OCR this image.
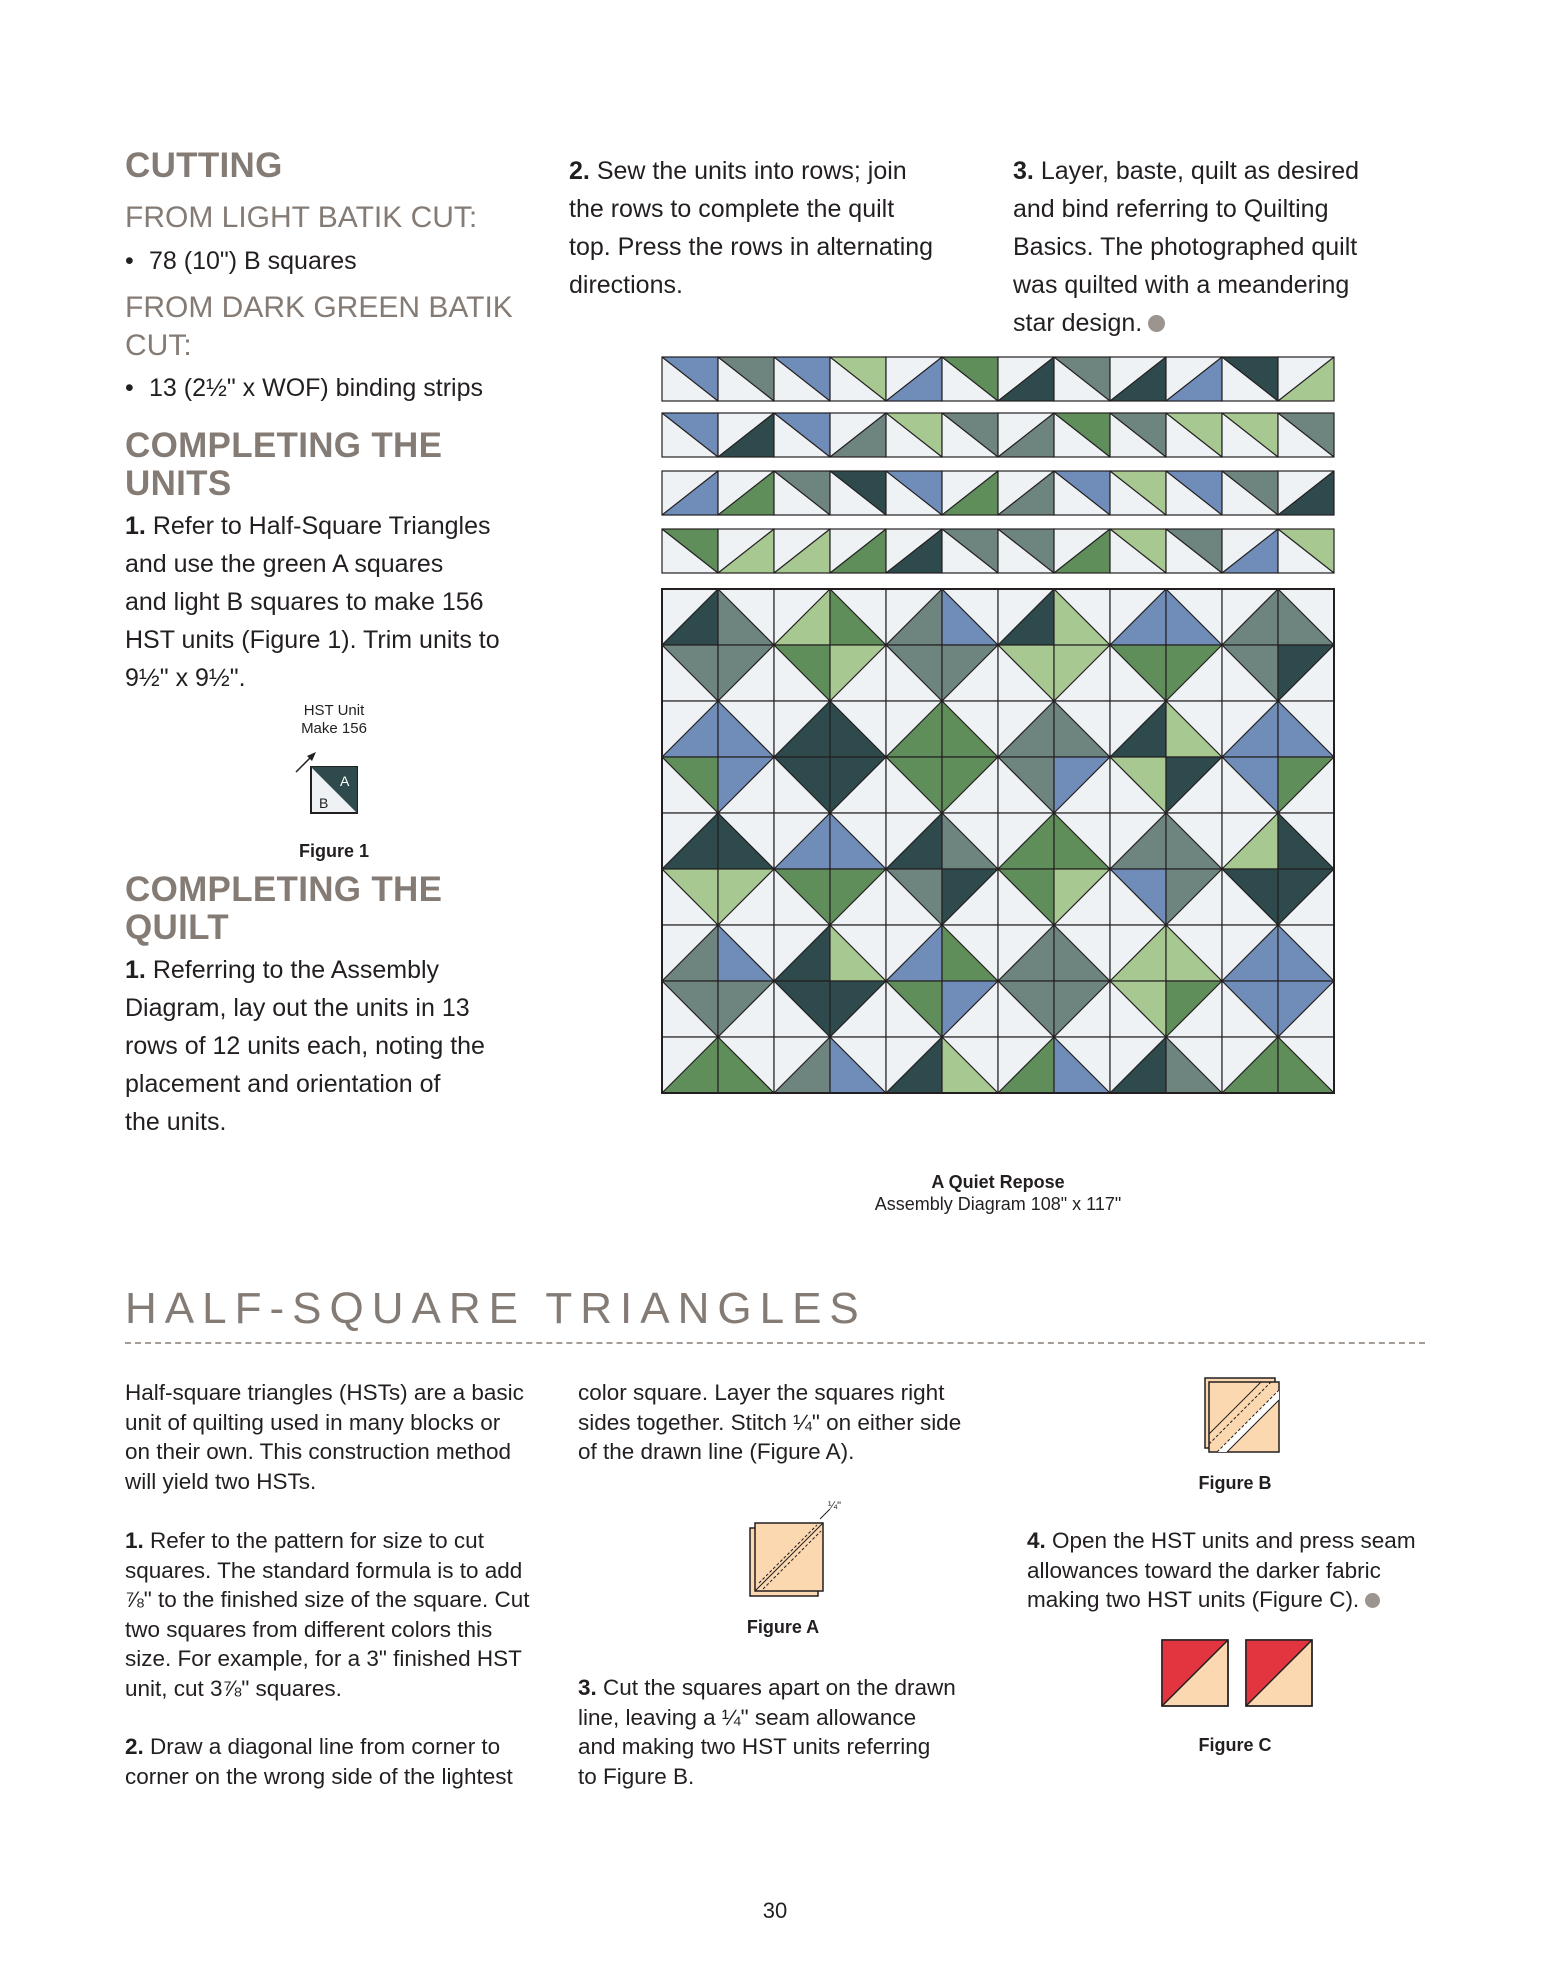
CUTTING
FROM LIGHT BATIK CUT:
• 78 (10") B squares
FROM DARK GREEN BATIK
CUT:
• 13 (2½" x WOF) binding strips
COMPLETING THE
UNITS
1. Refer to Half-Square Triangles
and use the green A squares
and light B squares to make 156
HST units (Figure 1). Trim units to
9½" x 9½".
HST Unit
Make 156
A
B
Figure 1
COMPLETING THE
QUILT
1. Referring to the Assembly
Diagram, lay out the units in 13
rows of 12 units each, noting the
placement and orientation of
the units.
2. Sew the units into rows; join
the rows to complete the quilt
top. Press the rows in alternating
directions.
3. Layer, baste, quilt as desired
and bind referring to Quilting
Basics. The photographed quilt
was quilted with a meandering
star design.
A Quiet Repose
Assembly Diagram 108" x 117"
HALF-SQUARE TRIANGLES
Half-square triangles (HSTs) are a basic
unit of quilting used in many blocks or
on their own. This construction method
will yield two HSTs.
1. Refer to the pattern for size to cut
squares. The standard formula is to add
⅞" to the finished size of the square. Cut
two squares from different colors this
size. For example, for a 3" finished HST
unit, cut 3⅞" squares.
2. Draw a diagonal line from corner to
corner on the wrong side of the lightest
color square. Layer the squares right
sides together. Stitch ¼" on either side
of the drawn line (Figure A).
¼"
Figure A
3. Cut the squares apart on the drawn
line, leaving a ¼" seam allowance
and making two HST units referring
to Figure B.
Figure B
4. Open the HST units and press seam
allowances toward the darker fabric
making two HST units (Figure C).
Figure C
30
